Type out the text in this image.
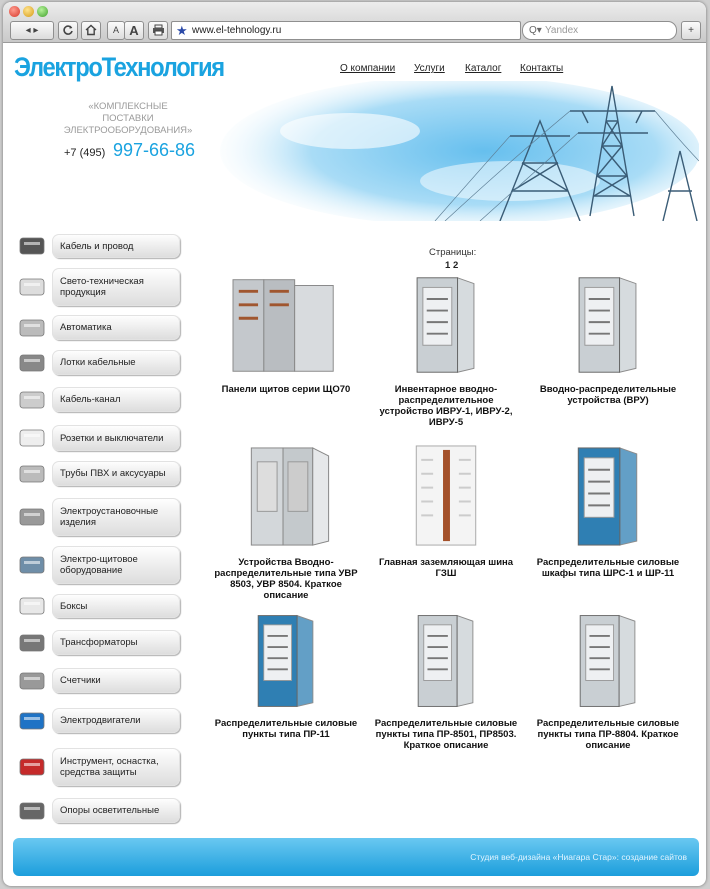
◂ ▸	A A	★ www.el-tehnology.ru	Q▾ Yandex	+
ЭлектроТехнология	О компании Услуги Каталог Контакты
«КОМПЛЕКСНЫЕ ПОСТАВКИ ЭЛЕКТРООБОРУДОВАНИЯ»
+7 (495) 997-66-86
Кабель и провод
Свето-техническая продукция
Автоматика
Лотки кабельные
Кабель-канал
Розетки и выключатели
Трубы ПВХ и аксусуары
Электроустановочные изделия
Электро-щитовое оборудование
Боксы
Трансформаторы
Счетчики
Электродвигатели
Инструмент, оснастка, средства защиты
Опоры осветительные
Страницы:
1 2
Панели щитов серии ЩО70	Инвентарное вводно-распределительное устройство ИВРУ-1, ИВРУ-2, ИВРУ-5
Вводно-распределительные устройства (ВРУ)
Устройства Вводно-распределительные типа УВР 8503, УВР 8504. Краткое описание
Главная заземляющая шина ГЗШ
Распределительные силовые шкафы типа ШРС-1 и ШР-11
Распределительные силовые пункты типа ПР-11
Распределительные силовые пункты типа ПР-8501, ПР8503. Краткое описание
Распределительные силовые пункты типа ПР-8804. Краткое описание
Студия веб-дизайна «Ниагара Стар»: создание сайтов
